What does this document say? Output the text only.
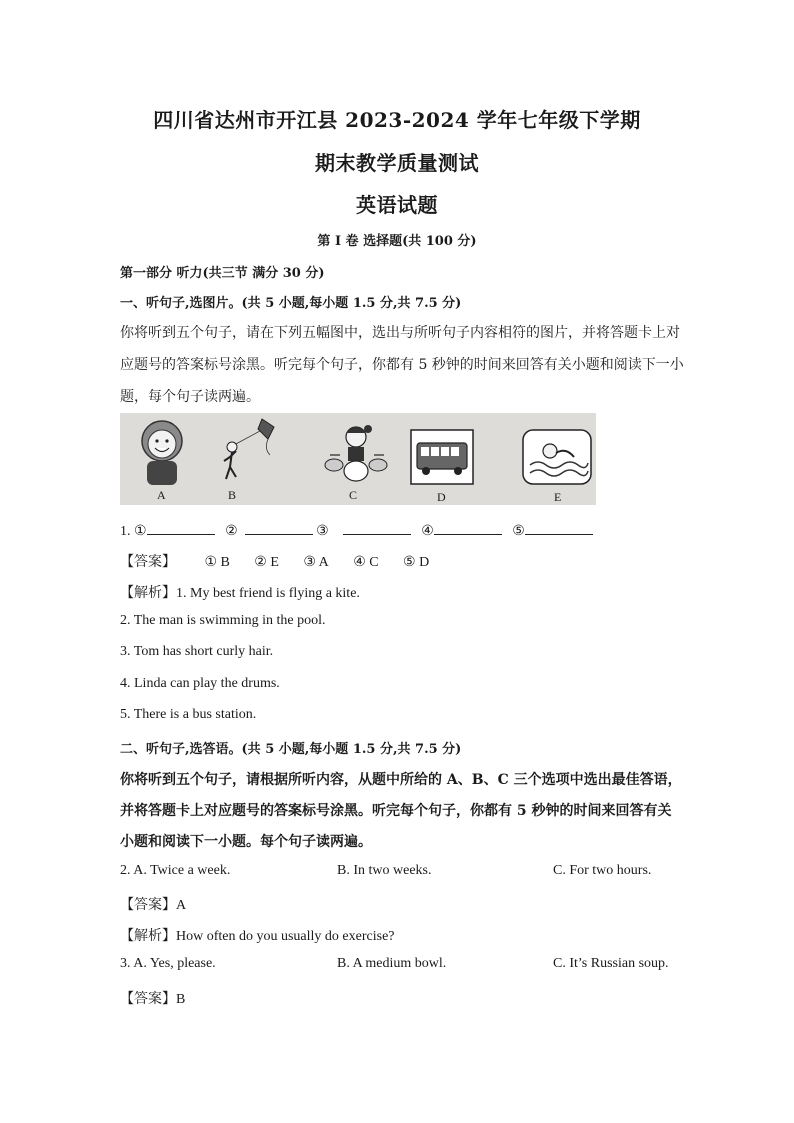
四川省达州市开江县 2023-2024 学年七年级下学期
期末教学质量测试
英语试题
第 I 卷 选择题(共 100 分)
第一部分 听力(共三节 满分 30 分)
一、听句子,选图片。(共 5 小题,每小题 1.5 分,共 7.5 分)
你将听到五个句子，请在下列五幅图中，选出与所听句子内容相符的图片，并将答题卡上对
应题号的答案标号涂黑。听完每个句子，你都有 5 秒钟的时间来回答有关小题和阅读下一小
题，每个句子读两遍。
A	B	C	D	E
1. ①	②	③	④	⑤
【答案】 ① B ② E ③ A ④ C ⑤ D
【解析】1. My best friend is flying a kite.
2. The man is swimming in the pool.
3. Tom has short curly hair.
4. Linda can play the drums.
5. There is a bus station.
二、听句子,选答语。(共 5 小题,每小题 1.5 分,共 7.5 分)
你将听到五个句子，请根据所听内容，从题中所给的 A、B、C 三个选项中选出最佳答语，
并将答题卡上对应题号的答案标号涂黑。听完每个句子，你都有 5 秒钟的时间来回答有关
小题和阅读下一小题。每个句子读两遍。
2. A. Twice a week.	B. In two weeks.	C. For two hours.
【答案】A
【解析】How often do you usually do exercise?
3. A. Yes, please.	B. A medium bowl.	C. It’s Russian soup.
【答案】B
